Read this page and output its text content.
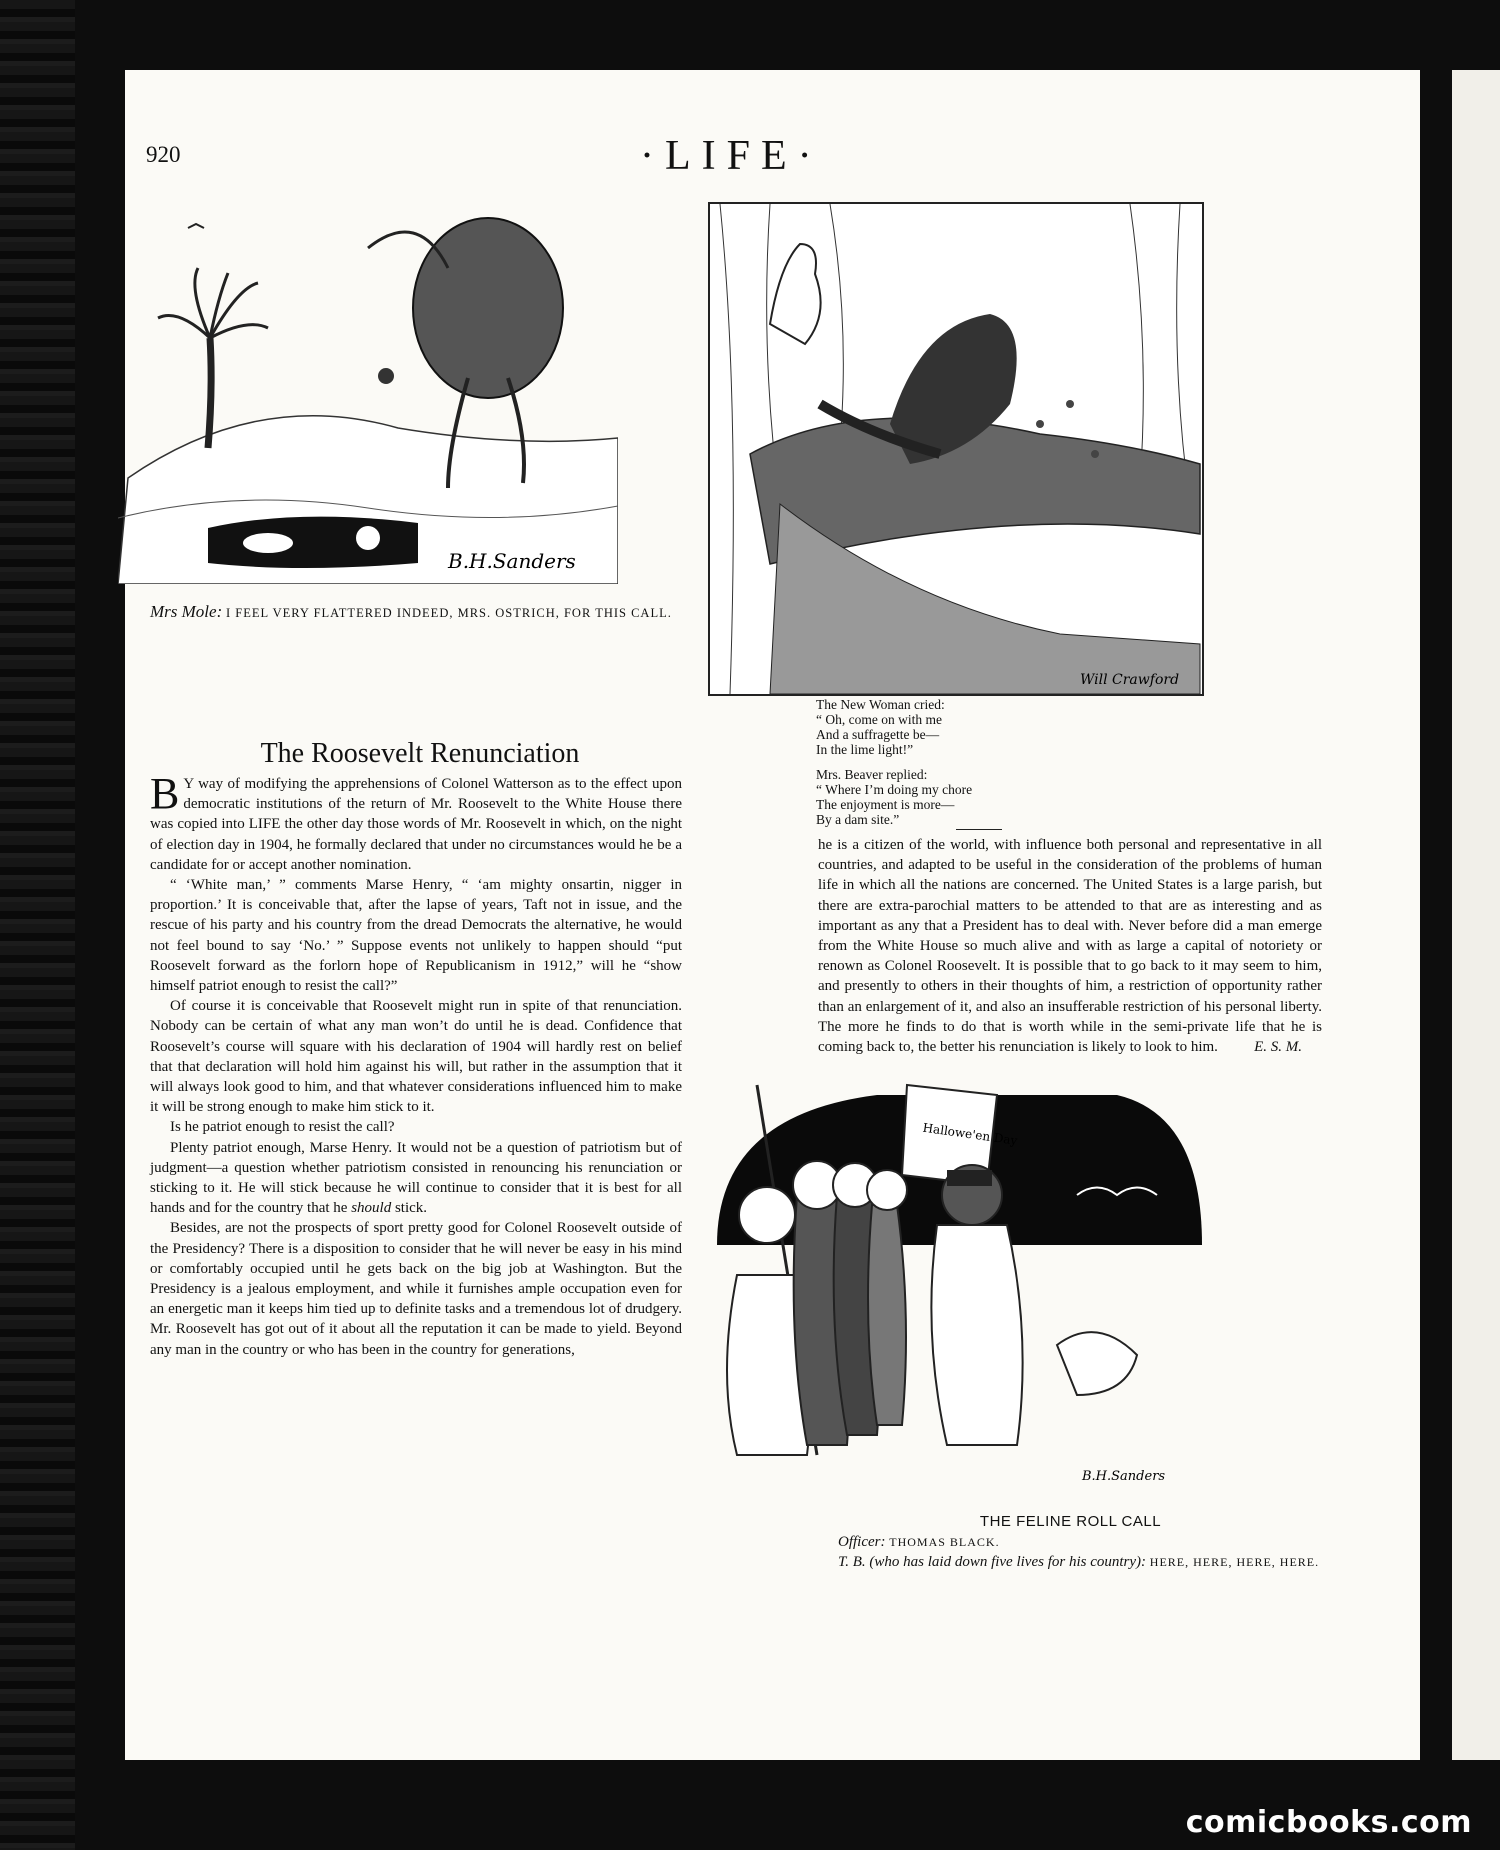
920	·LIFE·
B.H.Sanders
Mrs Mole: I FEEL VERY FLATTERED INDEED, MRS. OSTRICH, FOR THIS CALL.
Will Crawford

The New Woman cried:
“ Oh, come on with me
And a suffragette be—
In the lime light!”

Mrs. Beaver replied:
“ Where I’m doing my chore
The enjoyment is more—
By a dam site.”

The Roosevelt Renunciation

B Y way of modifying the apprehensions of Colonel Watterson as to the effect upon democratic institutions of the return of Mr. Roosevelt to the White House there was copied into LIFE the other day those words of Mr. Roosevelt in which, on the night of election day in 1904, he formally declared that under no circumstances would he be a candidate for or accept another nomination.

“ ‘White man,’ ” comments Marse Henry, “ ‘am mighty onsartin, nigger in proportion.’ It is conceivable that, after the lapse of years, Taft not in issue, and the rescue of his party and his country from the dread Democrats the alternative, he would not feel bound to say ‘No.’ ” Suppose events not unlikely to happen should “put Roosevelt forward as the forlorn hope of Republicanism in 1912,” will he “show himself patriot enough to resist the call?”

Of course it is conceivable that Roosevelt might run in spite of that renunciation. Nobody can be certain of what any man won’t do until he is dead. Confidence that Roosevelt’s course will square with his declaration of 1904 will hardly rest on belief that that declaration will hold him against his will, but rather in the assumption that it will always look good to him, and that whatever considerations influenced him to make it will be strong enough to make him stick to it.

Is he patriot enough to resist the call?

Plenty patriot enough, Marse Henry. It would not be a question of patriotism but of judgment—a question whether patriotism consisted in renouncing his renunciation or sticking to it. He will stick because he will continue to consider that it is best for all hands and for the country that he should stick.

Besides, are not the prospects of sport pretty good for Colonel Roosevelt outside of the Presidency? There is a disposition to consider that he will never be easy in his mind or comfortably occupied until he gets back on the big job at Washington. But the Presidency is a jealous employment, and while it furnishes ample occupation even for an energetic man it keeps him tied up to definite tasks and a tremendous lot of drudgery. Mr. Roosevelt has got out of it about all the reputation it can be made to yield. Beyond any man in the country or who has been in the country for generations,

he is a citizen of the world, with influence both personal and representative in all countries, and adapted to be useful in the consideration of the problems of human life in which all the nations are concerned. The United States is a large parish, but there are extra-parochial matters to be attended to that are as interesting and as important as any that a President has to deal with. Never before did a man emerge from the White House so much alive and with as large a capital of notoriety or renown as Colonel Roosevelt. It is possible that to go back to it may seem to him, and presently to others in their thoughts of him, a restriction of opportunity rather than an enlargement of it, and also an insufferable restriction of his personal liberty. The more he finds to do that is worth while in the semi-private life that he is coming back to, the better his renunciation is likely to look to him. E. S. M.

Hallowe'en Day
B.H.Sanders
THE FELINE ROLL CALL
Officer: THOMAS BLACK.
T. B. (who has laid down five lives for his country): HERE, HERE, HERE, HERE.
comicbooks.com
